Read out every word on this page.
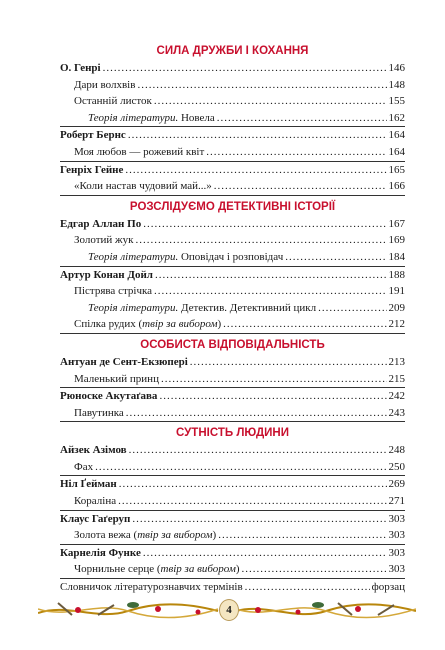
СИЛА ДРУЖБИ І КОХАННЯ
О. Генрі .....	146
Дари волхвів .....	148
Останній листок .....	155
Теорія літератури. Новела .....	162
Роберт Бернс .....	164
Моя любов — рожевий квіт .....	164
Генріх Гейне .....	165
«Коли настав чудовий май...» .....	166
РОЗСЛІДУЄМО ДЕТЕКТИВНІ ІСТОРІЇ
Едгар Аллан По .....	167
Золотий жук .....	169
Теорія літератури. Оповідач і розповідач .....	184
Артур Конан Дойл .....	188
Пістрява стрічка .....	191
Теорія літератури. Детектив. Детективний цикл .....	209
Спілка рудих (твір за вибором) .....	212
ОСОБИСТА ВІДПОВІДАЛЬНІСТЬ
Антуан де Сент-Екзюпері .....	213
Маленький принц .....	215
Рюноске Акутаґава .....	242
Павутинка .....	243
СУТНІСТЬ ЛЮДИНИ
Айзек Азімов .....	248
Фах .....	250
Ніл Ґейман .....	269
Кораліна .....	271
Клаус Гаґеруп .....	303
Золота вежа (твір за вибором) .....	303
Карнелія Функе .....	303
Чорнильне серце (твір за вибором) .....	303
Словничок літературознавчих термінів .....	форзац
4
